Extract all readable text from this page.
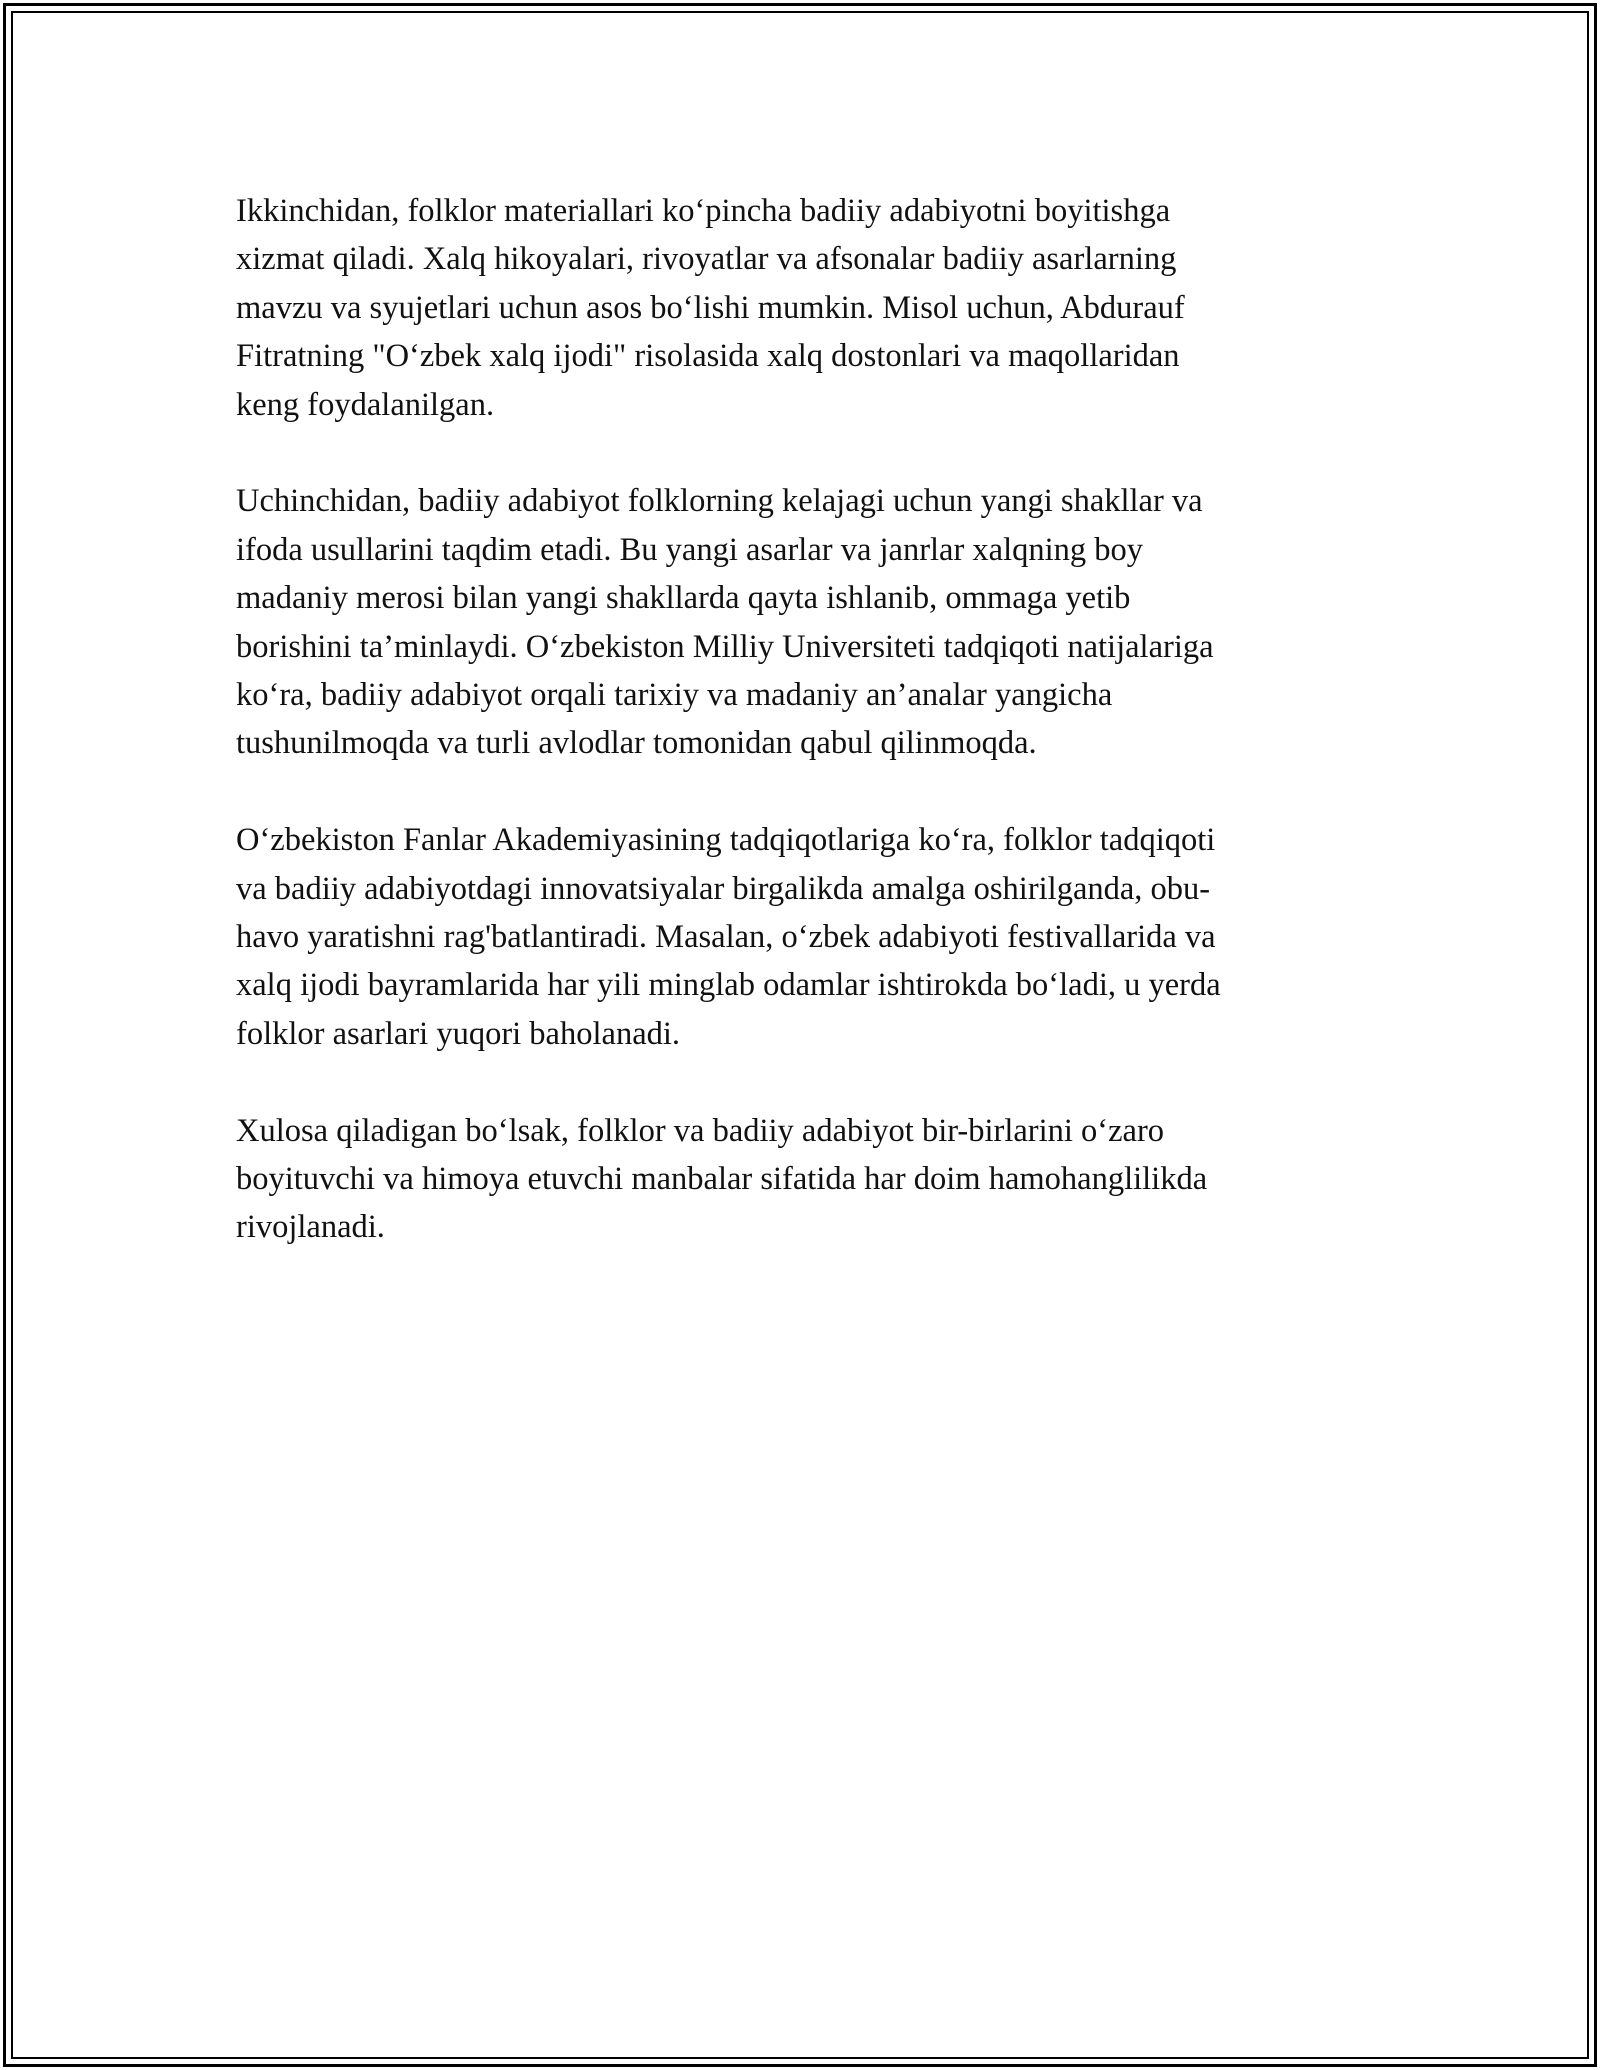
Ikkinchidan, folklor materiallari ko‘pincha badiiy adabiyotni boyitishga
xizmat qiladi. Xalq hikoyalari, rivoyatlar va afsonalar badiiy asarlarning
mavzu va syujetlari uchun asos bo‘lishi mumkin. Misol uchun, Abdurauf
Fitratning "O‘zbek xalq ijodi" risolasida xalq dostonlari va maqollaridan
keng foydalanilgan.

Uchinchidan, badiiy adabiyot folklorning kelajagi uchun yangi shakllar va
ifoda usullarini taqdim etadi. Bu yangi asarlar va janrlar xalqning boy
madaniy merosi bilan yangi shakllarda qayta ishlanib, ommaga yetib
borishini ta’minlaydi. O‘zbekiston Milliy Universiteti tadqiqoti natijalariga
ko‘ra, badiiy adabiyot orqali tarixiy va madaniy an’analar yangicha
tushunilmoqda va turli avlodlar tomonidan qabul qilinmoqda.

O‘zbekiston Fanlar Akademiyasining tadqiqotlariga ko‘ra, folklor tadqiqoti
va badiiy adabiyotdagi innovatsiyalar birgalikda amalga oshirilganda, obu-
havo yaratishni rag'batlantiradi. Masalan, o‘zbek adabiyoti festivallarida va
xalq ijodi bayramlarida har yili minglab odamlar ishtirokda bo‘ladi, u yerda
folklor asarlari yuqori baholanadi.

Xulosa qiladigan bo‘lsak, folklor va badiiy adabiyot bir-birlarini o‘zaro
boyituvchi va himoya etuvchi manbalar sifatida har doim hamohanglilikda
rivojlanadi.
